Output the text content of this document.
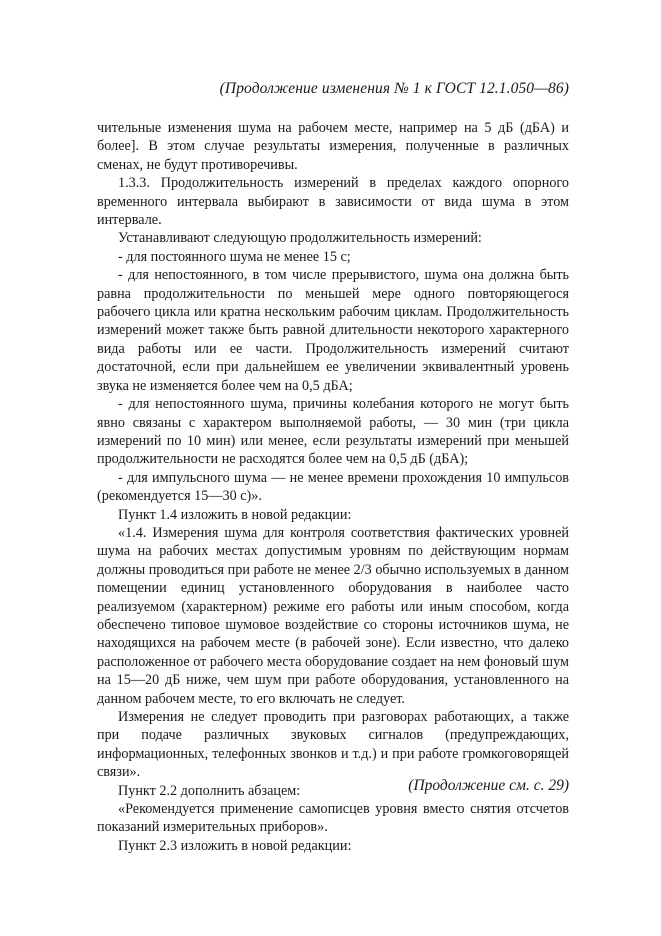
(Продолжение изменения № 1 к ГОСТ 12.1.050—86)

чительные изменения шума на рабочем месте, например на 5 дБ (дБА) и более]. В этом случае результаты измерения, полученные в различных сменах, не будут противоречивы.

1.3.3. Продолжительность измерений в пределах каждого опорного временного интервала выбирают в зависимости от вида шума в этом интервале.

Устанавливают следующую продолжительность измерений:

- для постоянного шума не менее 15 с;

- для непостоянного, в том числе прерывистого, шума она должна быть равна продолжительности по меньшей мере одного повторяющегося рабочего цикла или кратна нескольким рабочим циклам. Продолжительность измерений может также быть равной длительности некоторого характерного вида работы или ее части. Продолжительность измерений считают достаточной, если при дальнейшем ее увеличении эквивалентный уровень звука не изменяется более чем на 0,5 дБА;

- для непостоянного шума, причины колебания которого не могут быть явно связаны с характером выполняемой работы, — 30 мин (три цикла измерений по 10 мин) или менее, если результаты измерений при меньшей продолжительности не расходятся более чем на 0,5 дБ (дБА);

- для импульсного шума — не менее времени прохождения 10 импульсов (рекомендуется 15—30 с)».

Пункт 1.4 изложить в новой редакции:

«1.4. Измерения шума для контроля соответствия фактических уровней шума на рабочих местах допустимым уровням по действующим нормам должны проводиться при работе не менее 2/3 обычно используемых в данном помещении единиц установленного оборудования в наиболее часто реализуемом (характерном) режиме его работы или иным способом, когда обеспечено типовое шумовое воздействие со стороны источников шума, не находящихся на рабочем месте (в рабочей зоне). Если известно, что далеко расположенное от рабочего места оборудование создает на нем фоновый шум на 15—20 дБ ниже, чем шум при работе оборудования, установленного на данном рабочем месте, то его включать не следует.

Измерения не следует проводить при разговорах работающих, а также при подаче различных звуковых сигналов (предупреждающих, информационных, телефонных звонков и т.д.) и при работе громкоговорящей связи».

Пункт 2.2 дополнить абзацем:

«Рекомендуется применение самописцев уровня вместо снятия отсчетов показаний измерительных приборов».

Пункт 2.3 изложить в новой редакции:

(Продолжение см. с. 29)
